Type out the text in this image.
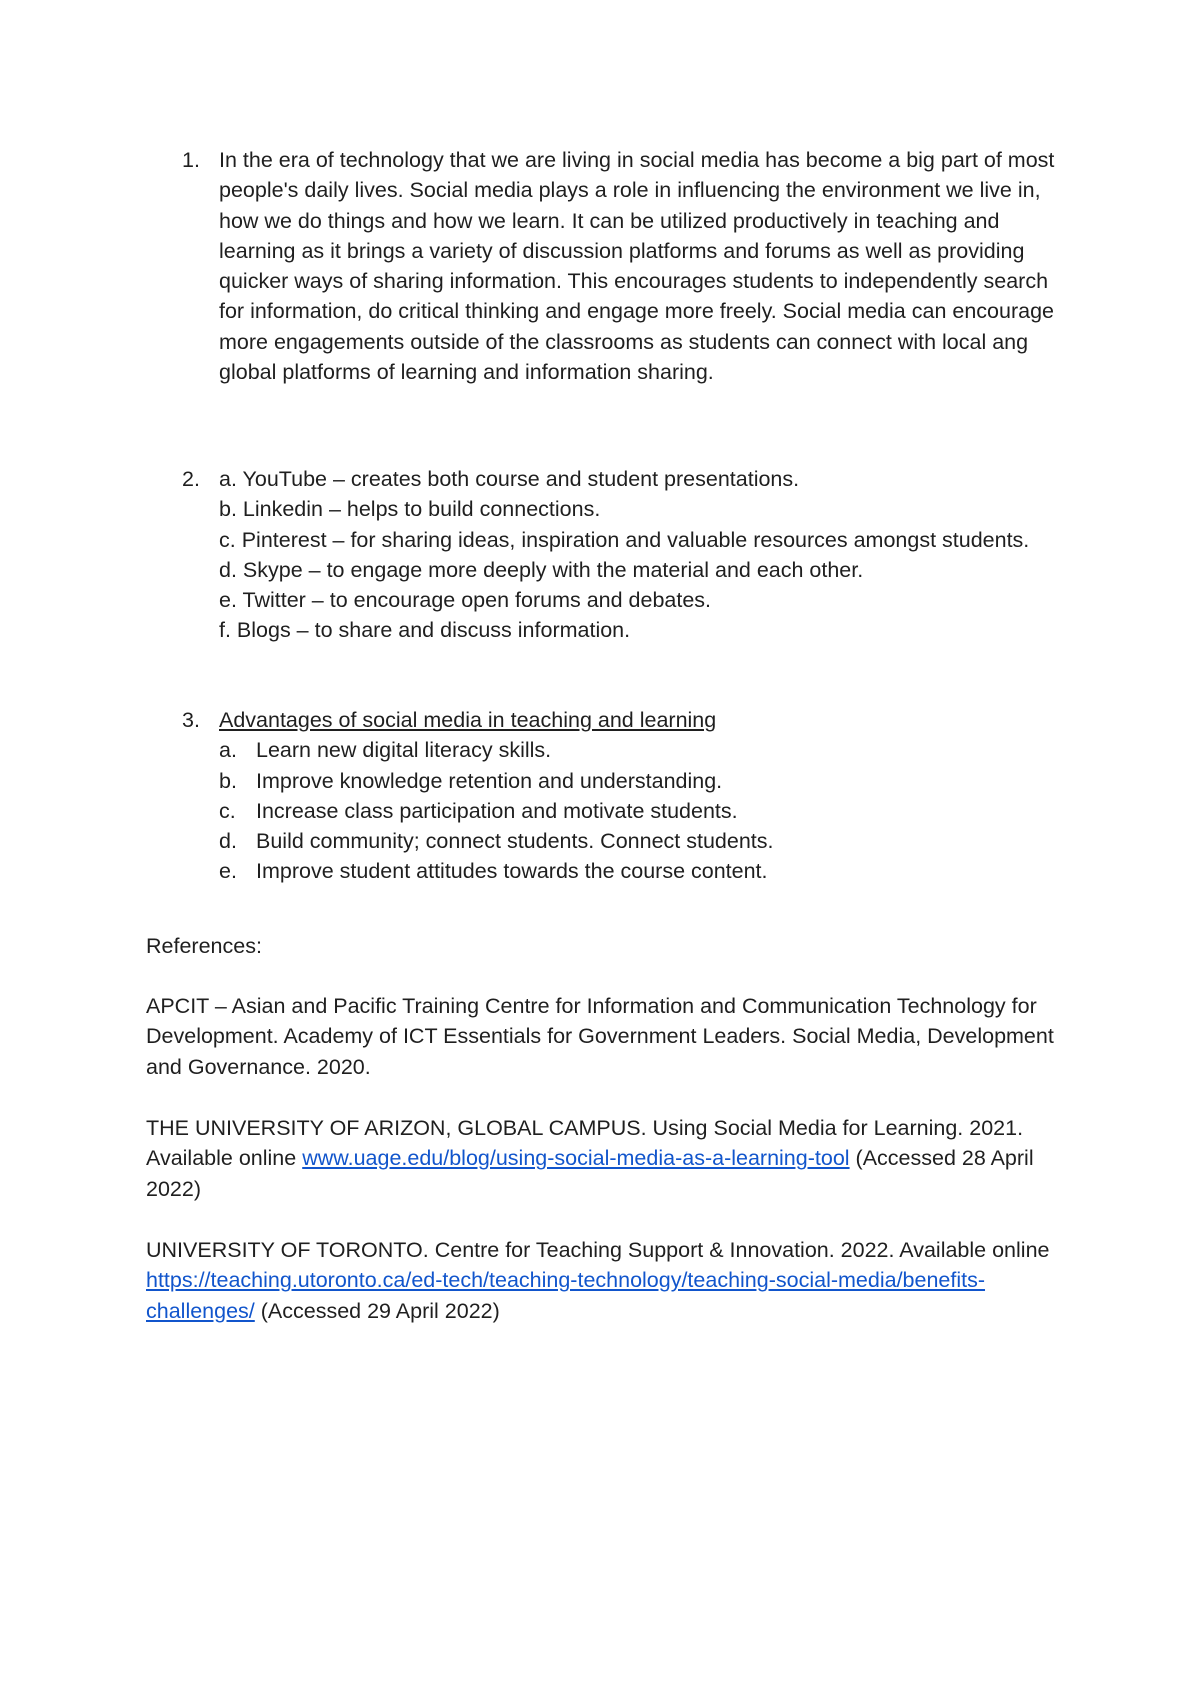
1. In the era of technology that we are living in social media has become a big part of most people's daily lives. Social media plays a role in influencing the environment we live in, how we do things and how we learn. It can be utilized productively in teaching and learning as it brings a variety of discussion platforms and forums as well as providing quicker ways of sharing information. This encourages students to independently search for information, do critical thinking and engage more freely. Social media can encourage more engagements outside of the classrooms as students can connect with local ang global platforms of learning and information sharing.

2. a. YouTube – creates both course and student presentations.
b. Linkedin – helps to build connections.
c. Pinterest – for sharing ideas, inspiration and valuable resources amongst students.
d. Skype – to engage more deeply with the material and each other.
e. Twitter – to encourage open forums and debates.
f. Blogs – to share and discuss information.
3. Advantages of social media in teaching and learning
a. Learn new digital literacy skills.
b. Improve knowledge retention and understanding.
c. Increase class participation and motivate students.
d. Build community; connect students. Connect students.
e. Improve student attitudes towards the course content.
References:

APCIT – Asian and Pacific Training Centre for Information and Communication Technology for Development. Academy of ICT Essentials for Government Leaders. Social Media, Development and Governance. 2020.

THE UNIVERSITY OF ARIZON, GLOBAL CAMPUS. Using Social Media for Learning. 2021. Available online www.uage.edu/blog/using-social-media-as-a-learning-tool (Accessed 28 April 2022)

UNIVERSITY OF TORONTO. Centre for Teaching Support & Innovation. 2022. Available online https://teaching.utoronto.ca/ed-tech/teaching-technology/teaching-social-media/benefits-challenges/ (Accessed 29 April 2022)
